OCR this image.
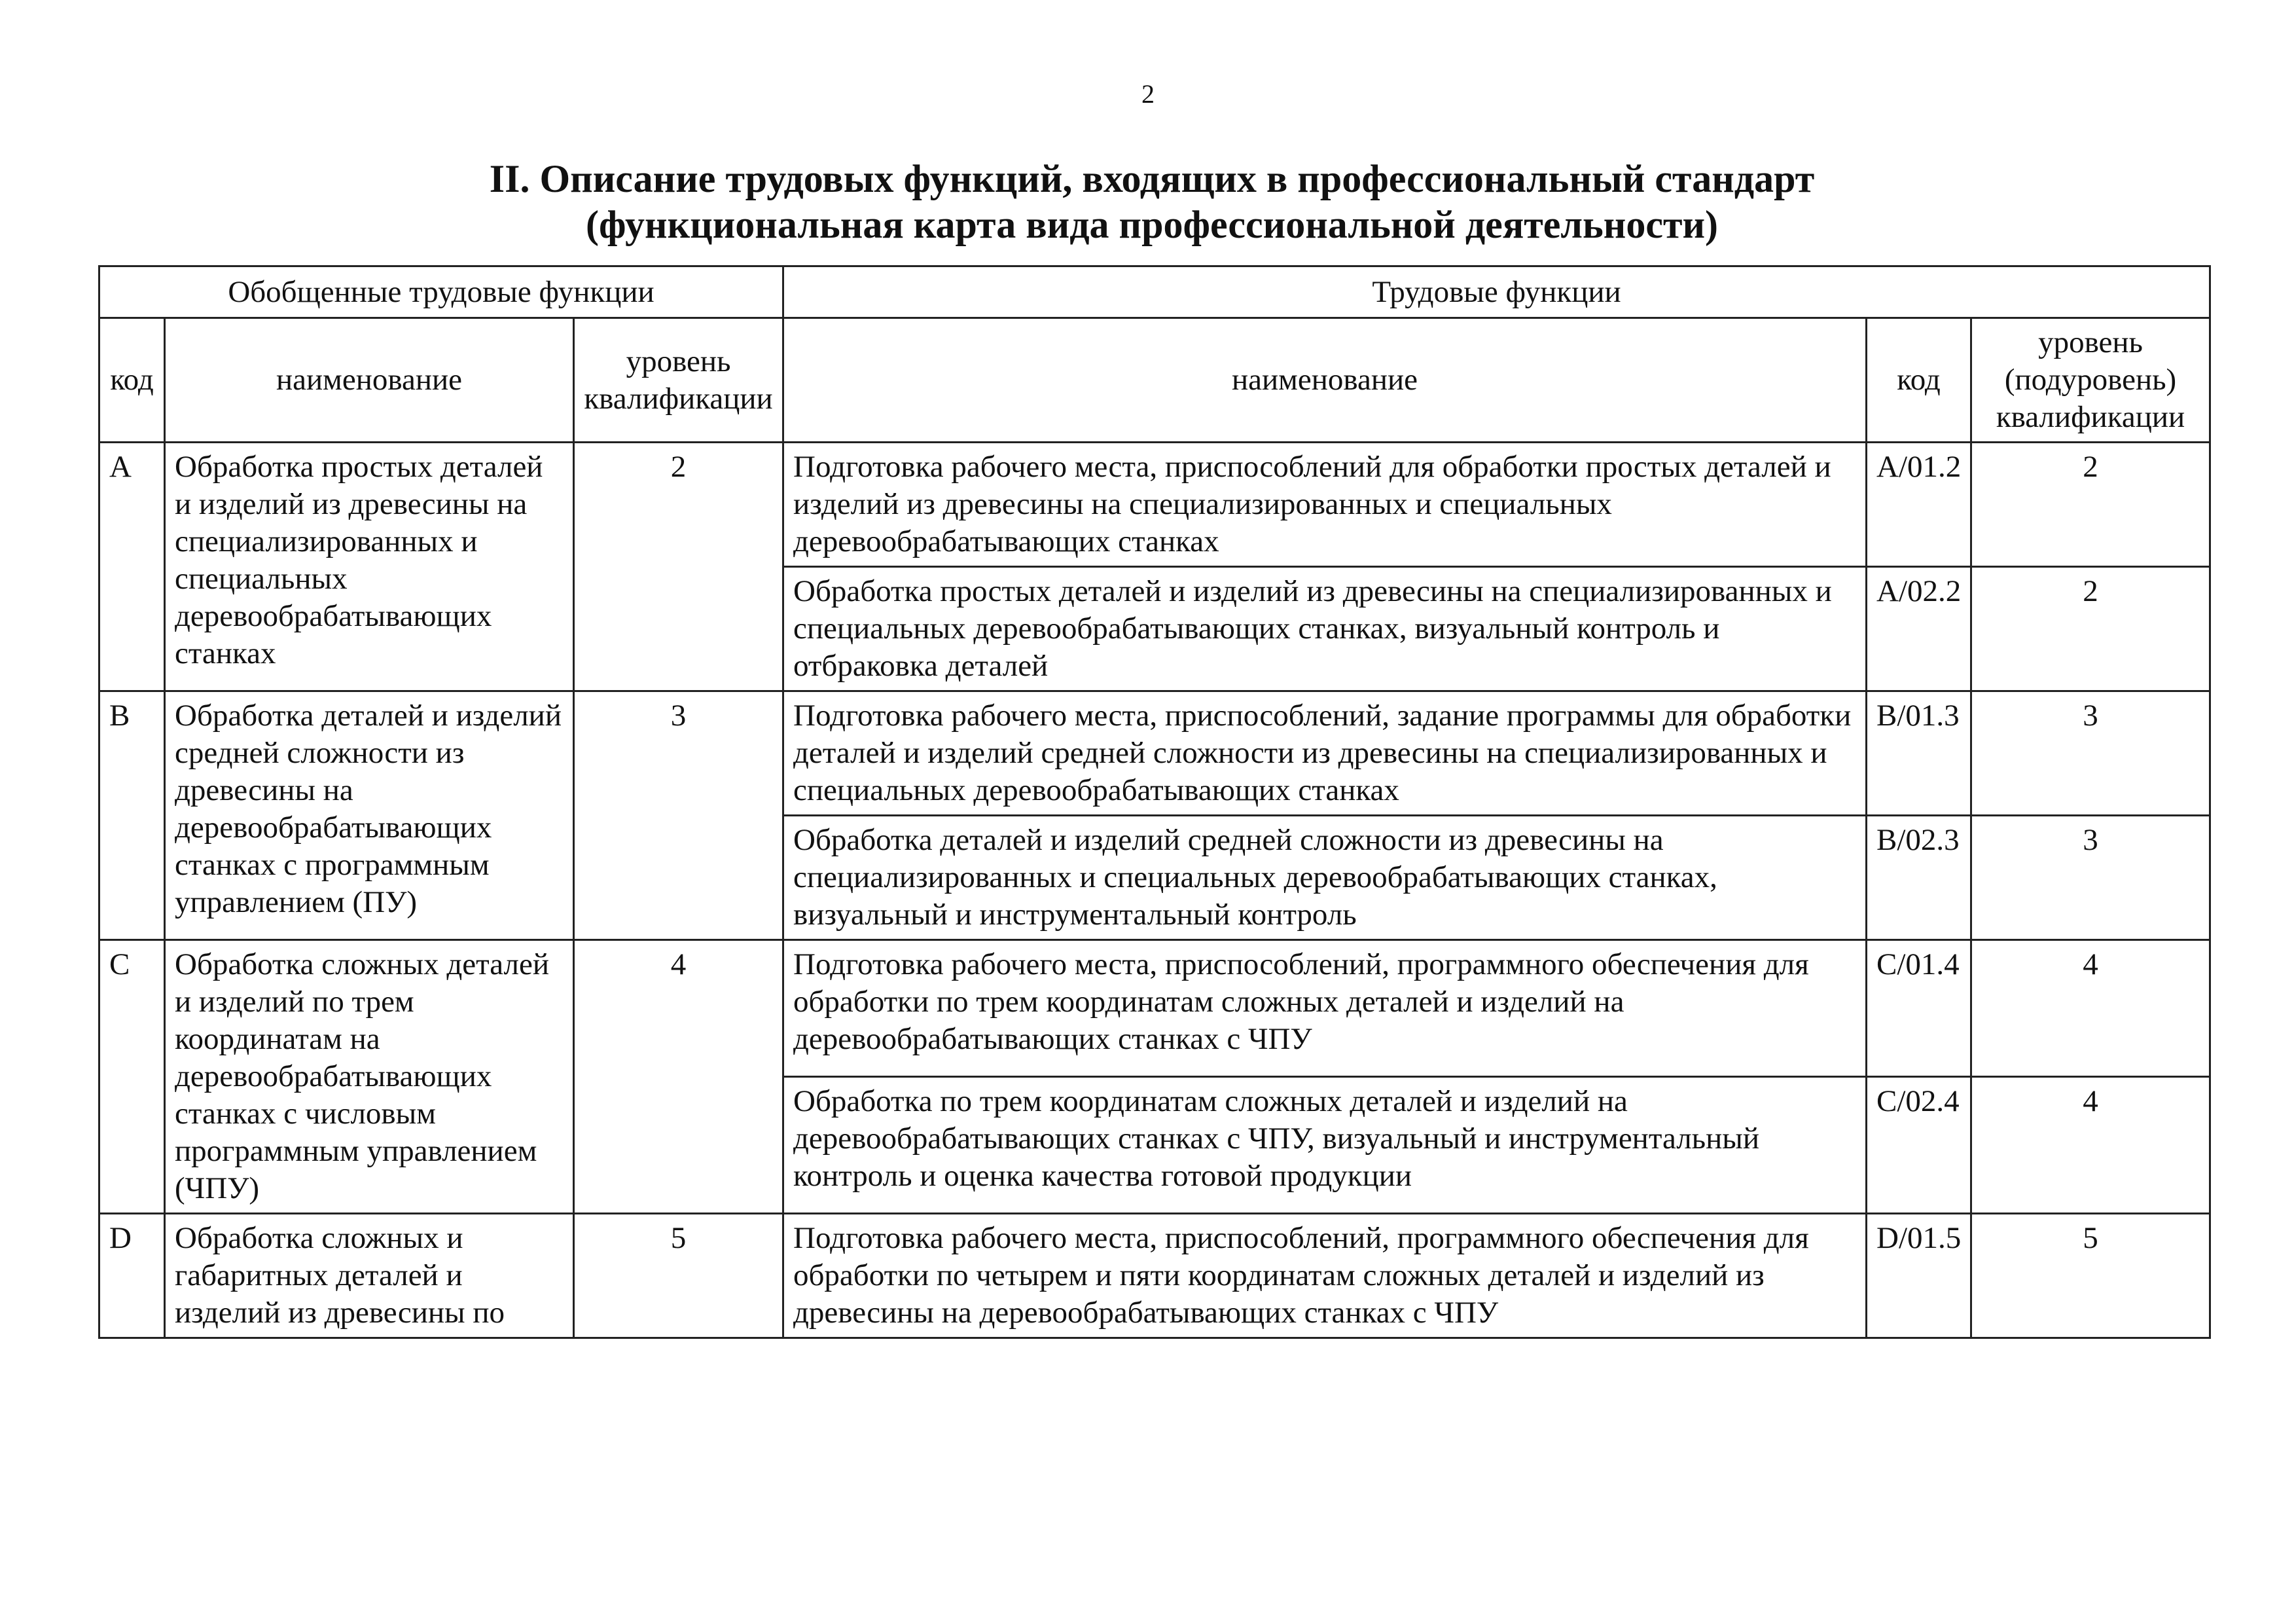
2
II. Описание трудовых функций, входящих в профессиональный стандарт
(функциональная карта вида профессиональной деятельности)
Обобщенные трудовые функции			Трудовые функции		
код	наименование	уровень квалификации	наименование	код	уровень (подуровень) квалификации
A	Обработка простых деталей и изделий из древесины на специализированных и специальных деревообрабатывающих станках	2	Подготовка рабочего места, приспособлений для обработки простых деталей и изделий из древесины на специализированных и специальных деревообрабатывающих станках	A/01.2	2
			Обработка простых деталей и изделий из древесины на специализированных и специальных деревообрабатывающих станках, визуальный контроль и отбраковка деталей	A/02.2	2
B	Обработка деталей и изделий средней сложности из древесины на деревообрабатывающих станках с программным управлением (ПУ)	3	Подготовка рабочего места, приспособлений, задание программы для обработки деталей и изделий средней сложности из древесины на специализированных и специальных деревообрабатывающих станках	B/01.3	3
			Обработка деталей и изделий средней сложности из древесины на специализированных и специальных деревообрабатывающих станках, визуальный и инструментальный контроль	B/02.3	3
C	Обработка сложных деталей и изделий по трем координатам на деревообрабатывающих станках с числовым программным управлением (ЧПУ)	4	Подготовка рабочего места, приспособлений, программного обеспечения для обработки по трем координатам сложных деталей и изделий на деревообрабатывающих станках с ЧПУ	C/01.4	4
			Обработка по трем координатам сложных деталей и изделий на деревообрабатывающих станках с ЧПУ, визуальный и инструментальный контроль и оценка качества готовой продукции	C/02.4	4
D	Обработка сложных и габаритных деталей и изделий из древесины по	5	Подготовка рабочего места, приспособлений, программного обеспечения для обработки по четырем и пяти координатам сложных деталей и изделий из древесины на деревообрабатывающих станках с ЧПУ	D/01.5	5
